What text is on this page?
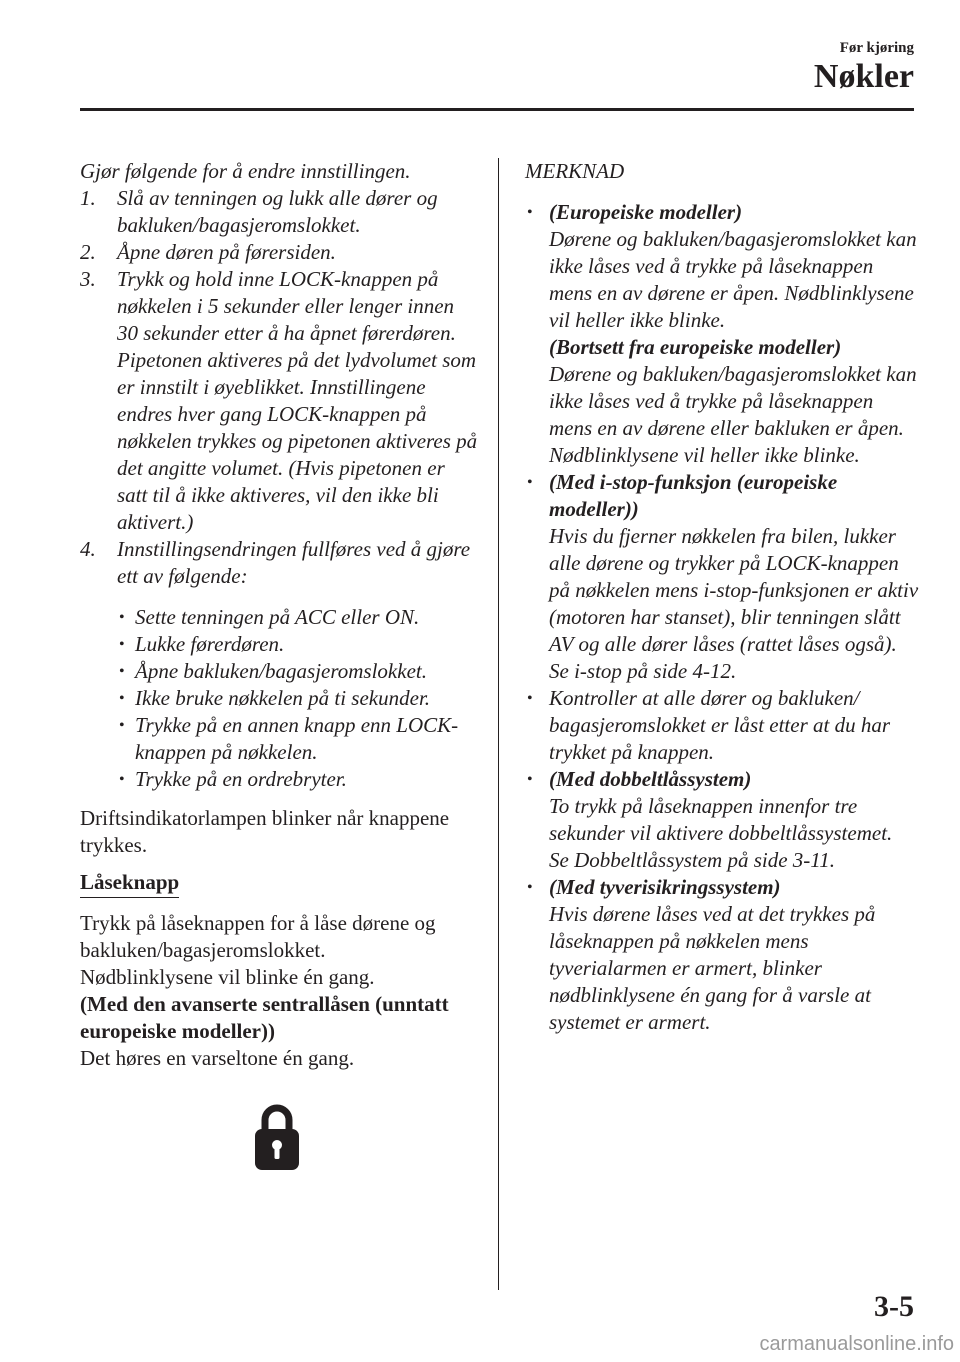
Før kjøring
Nøkler

Gjør følgende for å endre innstillingen.

1. Slå av tenningen og lukk alle dører og bakluken/bagasjeromslokket.
2. Åpne døren på førersiden.
3. Trykk og hold inne LOCK-knappen på nøkkelen i 5 sekunder eller lenger innen 30 sekunder etter å ha åpnet førerdøren.

Pipetonen aktiveres på det lydvolumet som er innstilt i øyeblikket. Innstillingene endres hver gang LOCK-knappen på nøkkelen trykkes og pipetonen aktiveres på det angitte volumet. (Hvis pipetonen er satt til å ikke aktiveres, vil den ikke bli aktivert.)

4. Innstillingsendringen fullføres ved å gjøre ett av følgende:
• Sette tenningen på ACC eller ON.
• Lukke førerdøren.
• Åpne bakluken/bagasjeromslokket.
• Ikke bruke nøkkelen på ti sekunder.
• Trykke på en annen knapp enn LOCK-knappen på nøkkelen.
• Trykke på en ordrebryter.

Driftsindikatorlampen blinker når knappene trykkes.

Låseknapp

Trykk på låseknappen for å låse dørene og bakluken/bagasjeromslokket.

Nødblinklysene vil blinke én gang.

(Med den avanserte sentrallåsen (unntatt europeiske modeller))

Det høres en varseltone én gang.

MERKNAD

• (Europeiske modeller)
Dørene og bakluken/bagasjeromslokket kan ikke låses ved å trykke på låseknappen mens en av dørene er åpen. Nødblinklysene vil heller ikke blinke.
(Bortsett fra europeiske modeller)
Dørene og bakluken/bagasjeromslokket kan ikke låses ved å trykke på låseknappen mens en av dørene eller bakluken er åpen. Nødblinklysene vil heller ikke blinke.
• (Med i-stop-funksjon (europeiske modeller))
Hvis du fjerner nøkkelen fra bilen, lukker alle dørene og trykker på LOCK-knappen på nøkkelen mens i-stop-funksjonen er aktiv (motoren har stanset), blir tenningen slått AV og alle dører låses (rattet låses også).
Se i-stop på side 4-12.
• Kontroller at alle dører og bakluken/ bagasjeromslokket er låst etter at du har trykket på knappen.
• (Med dobbeltlåssystem)
To trykk på låseknappen innenfor tre sekunder vil aktivere dobbeltlåssystemet.
Se Dobbeltlåssystem på side 3-11.
• (Med tyverisikringssystem)
Hvis dørene låses ved at det trykkes på låseknappen på nøkkelen mens tyverialarmen er armert, blinker nødblinklysene én gang for å varsle at systemet er armert.
3-5
carmanualsonline.info
